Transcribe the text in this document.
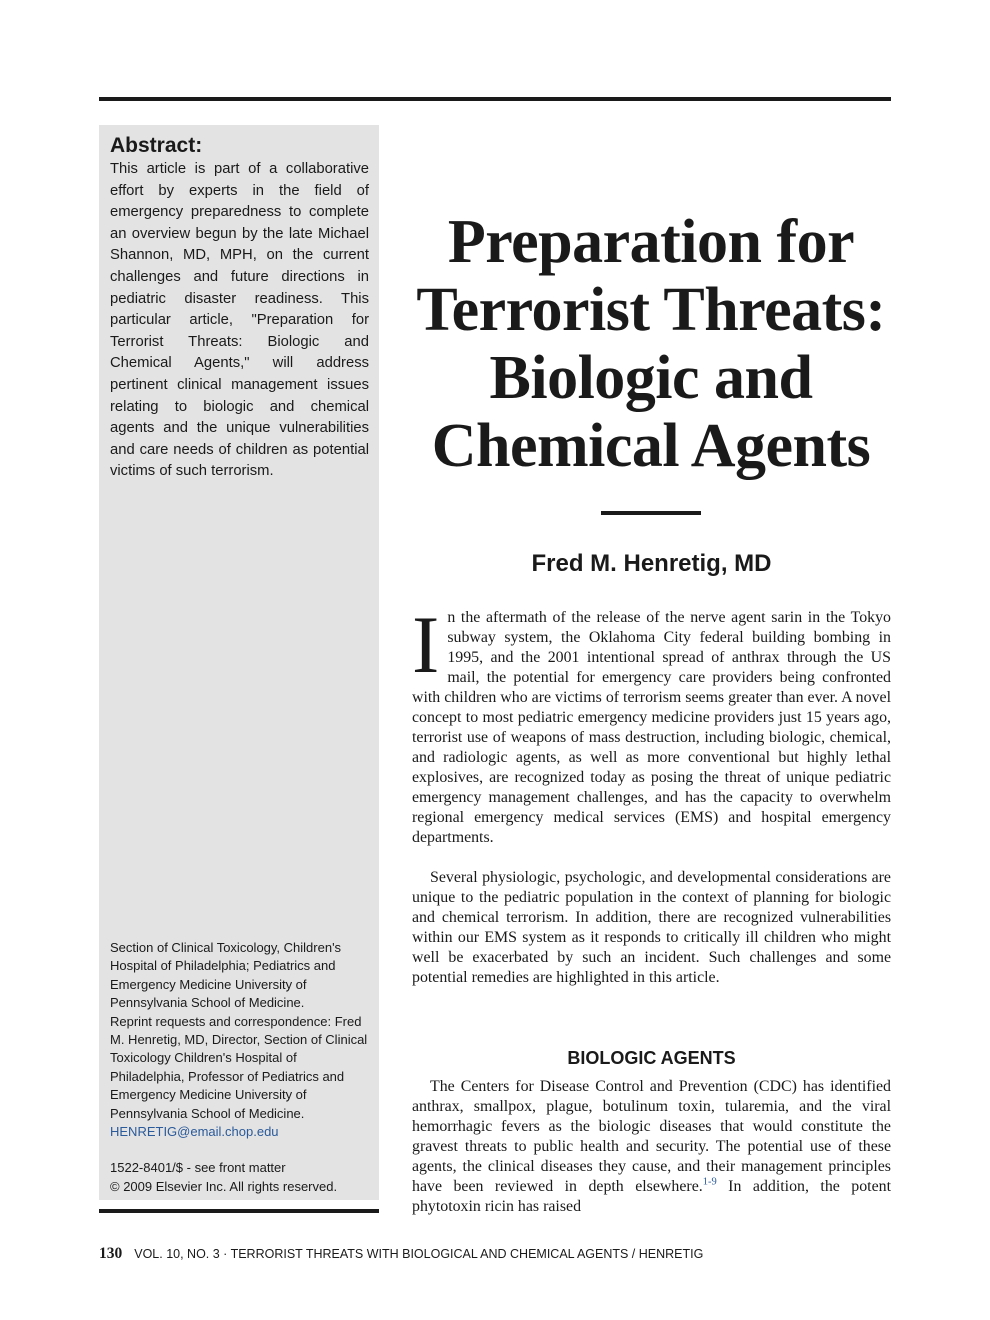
Abstract:

This article is part of a collaborative effort by experts in the field of emergency preparedness to complete an overview begun by the late Michael Shannon, MD, MPH, on the current challenges and future directions in pediatric disaster readiness. This particular article, "Preparation for Terrorist Threats: Biologic and Chemical Agents," will address pertinent clinical management issues relating to biologic and chemical agents and the unique vulnerabilities and care needs of children as potential victims of such terrorism.

Section of Clinical Toxicology, Children's Hospital of Philadelphia; Pediatrics and Emergency Medicine University of Pennsylvania School of Medicine.

Reprint requests and correspondence: Fred M. Henretig, MD, Director, Section of Clinical Toxicology Children's Hospital of Philadelphia, Professor of Pediatrics and Emergency Medicine University of Pennsylvania School of Medicine.

HENRETIG@email.chop.edu

1522-8401/$ - see front matter

© 2009 Elsevier Inc. All rights reserved.

Preparation for
Terrorist Threats:
Biologic and
Chemical Agents

Fred M. Henretig, MD

In the aftermath of the release of the nerve agent sarin in the Tokyo subway system, the Oklahoma City federal building bombing in 1995, and the 2001 intentional spread of anthrax through the US mail, the potential for emergency care providers being confronted with children who are victims of terrorism seems greater than ever. A novel concept to most pediatric emergency medicine providers just 15 years ago, terrorist use of weapons of mass destruction, including biologic, chemical, and radiologic agents, as well as more conventional but highly lethal explosives, are recognized today as posing the threat of unique pediatric emergency management challenges, and has the capacity to overwhelm regional emergency medical services (EMS) and hospital emergency departments.

Several physiologic, psychologic, and developmental considerations are unique to the pediatric population in the context of planning for biologic and chemical terrorism. In addition, there are recognized vulnerabilities within our EMS system as it responds to critically ill children who might well be exacerbated by such an incident. Such challenges and some potential remedies are highlighted in this article.

BIOLOGIC AGENTS

The Centers for Disease Control and Prevention (CDC) has identified anthrax, smallpox, plague, botulinum toxin, tularemia, and the viral hemorrhagic fevers as the biologic diseases that would constitute the gravest threats to public health and security. The potential use of these agents, the clinical diseases they cause, and their management principles have been reviewed in depth elsewhere.$^{1-9}$ In addition, the potent phytotoxin ricin has raised

130 VOL. 10, NO. 3 · TERRORIST THREATS WITH BIOLOGICAL AND CHEMICAL AGENTS / HENRETIG
